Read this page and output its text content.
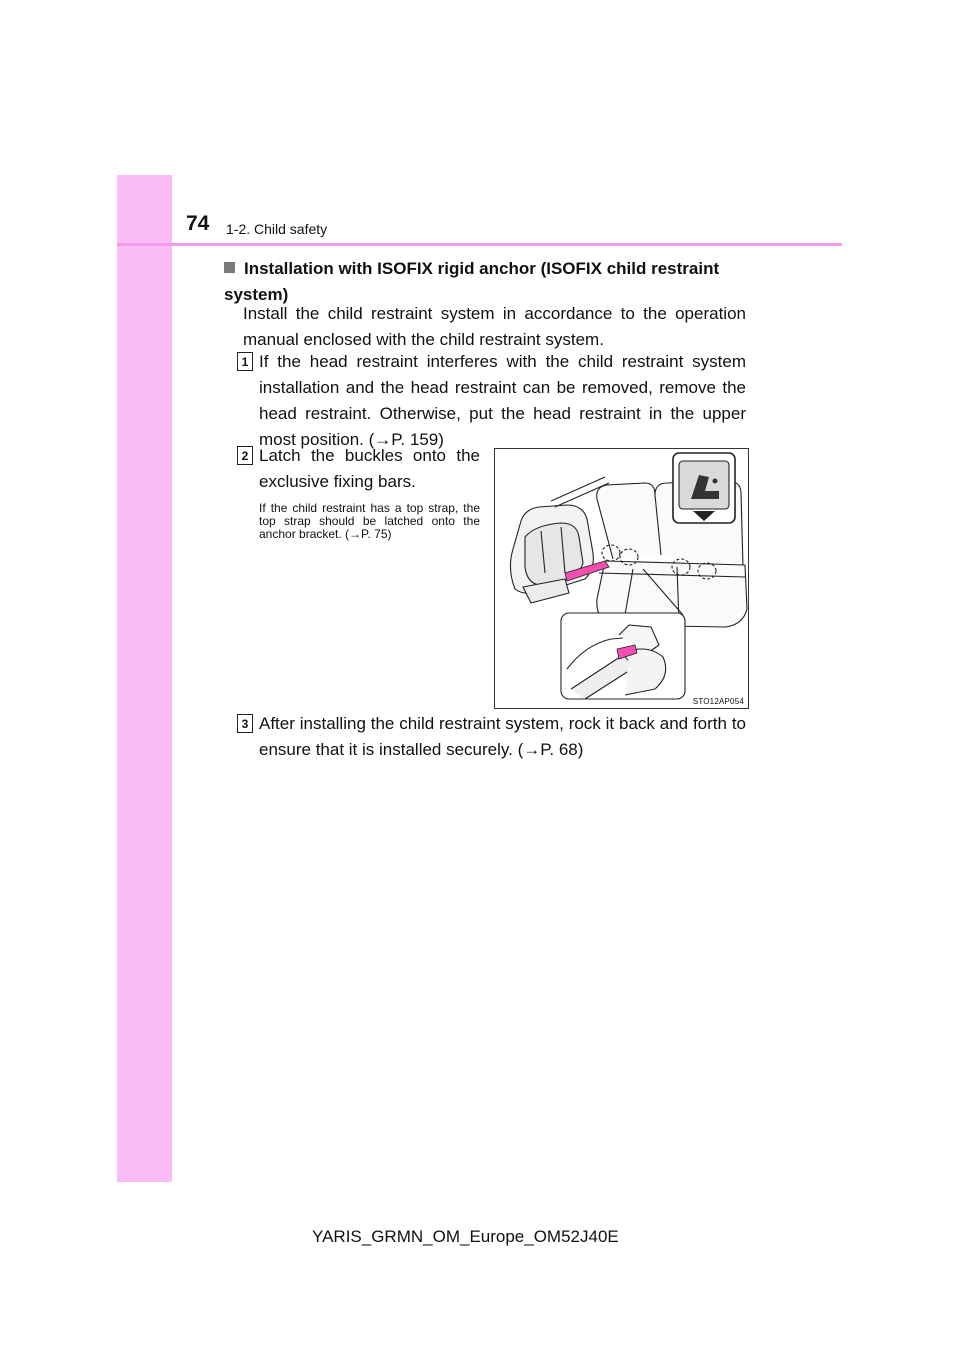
74 1-2. Child safety
Installation with ISOFIX rigid anchor (ISOFIX child restraint system)
Install the child restraint system in accordance to the operation manual enclosed with the child restraint system.
1 If the head restraint interferes with the child restraint system installation and the head restraint can be removed, remove the head restraint. Otherwise, put the head restraint in the upper most position. (→P. 159)
2 Latch the buckles onto the exclusive fixing bars.
If the child restraint has a top strap, the top strap should be latched onto the anchor bracket. (→P. 75)
STO12AP054
3 After installing the child restraint system, rock it back and forth to ensure that it is installed securely. (→P. 68)
YARIS_GRMN_OM_Europe_OM52J40E
